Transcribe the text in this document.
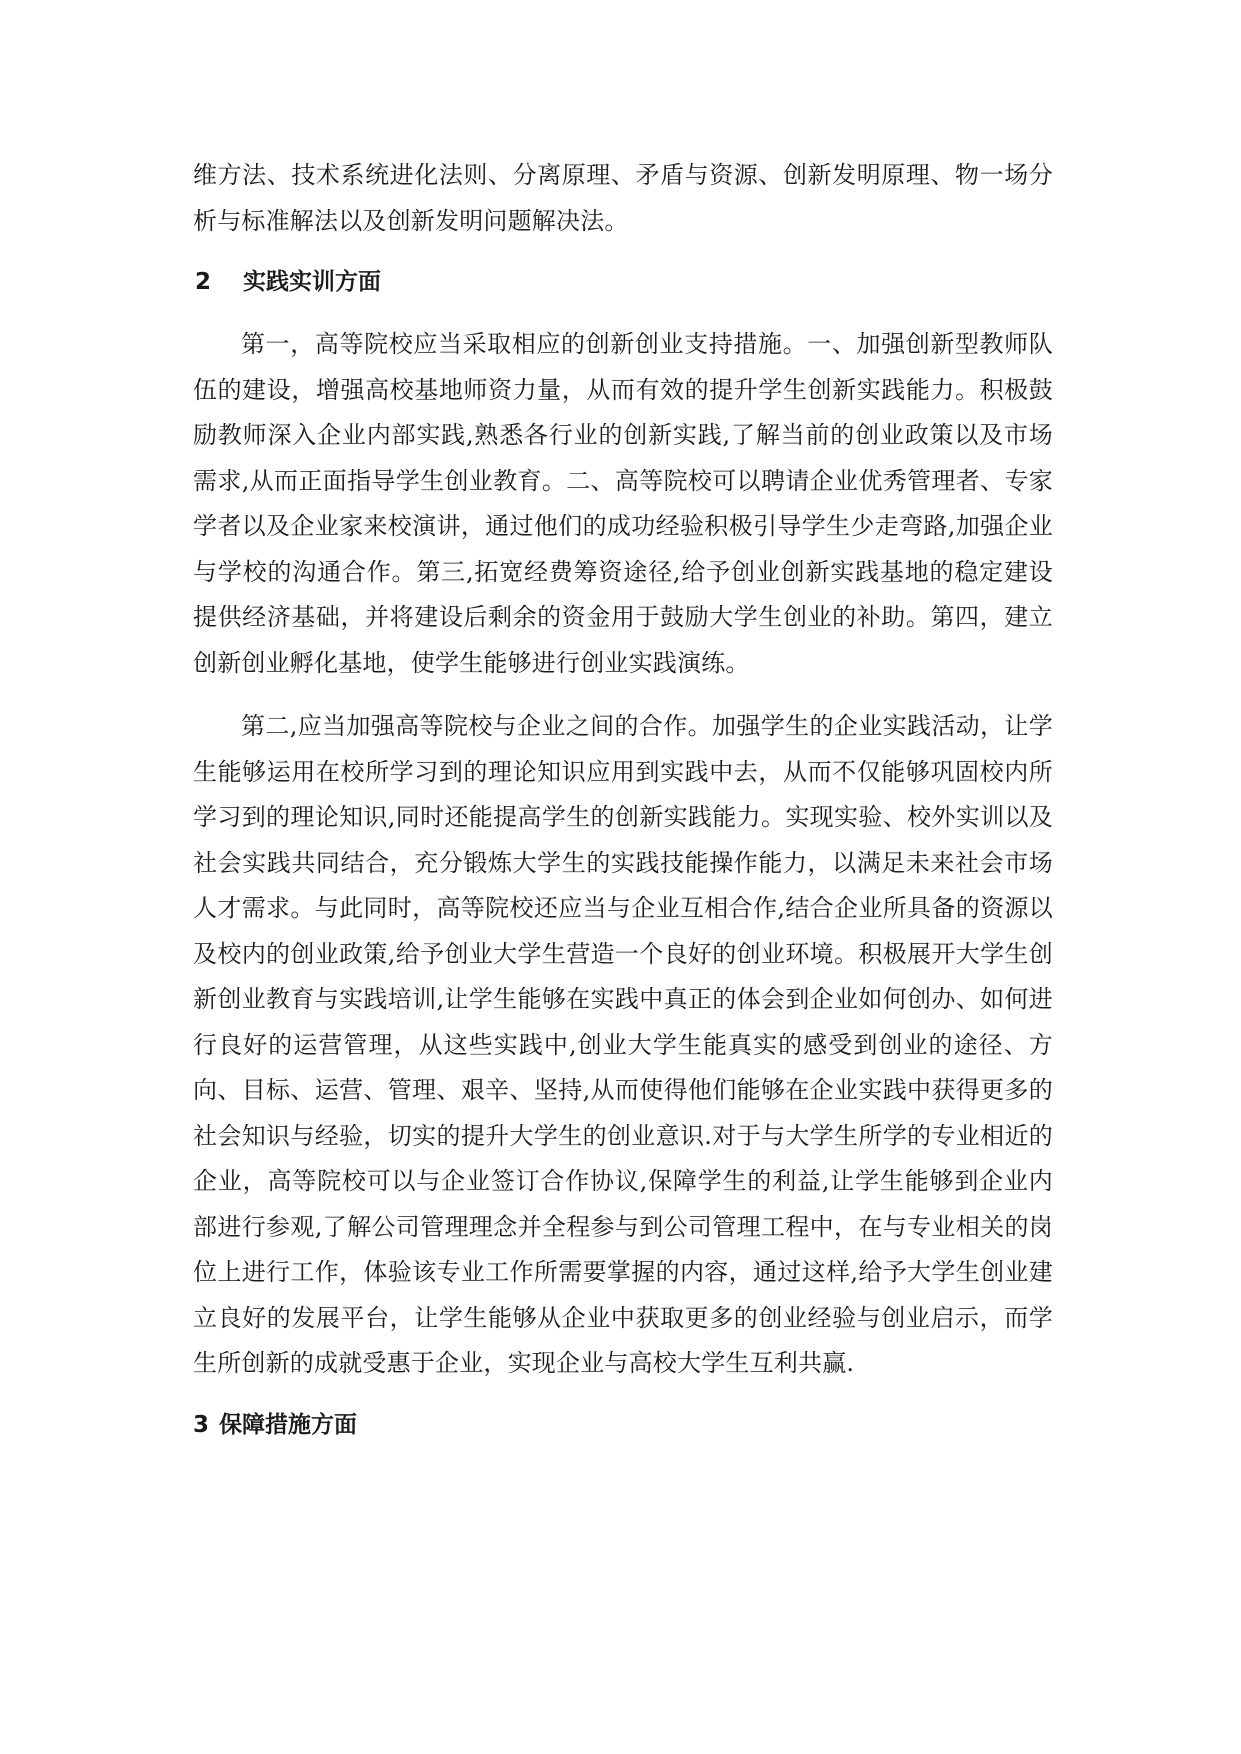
维方法、技术系统进化法则、分离原理、矛盾与资源、创新发明原理、物一场分析与标准解法以及创新发明问题解决法。

2 实践实训方面

第一，高等院校应当采取相应的创新创业支持措施。一、加强创新型教师队伍的建设，增强高校基地师资力量，从而有效的提升学生创新实践能力。积极鼓励教师深入企业内部实践,熟悉各行业的创新实践,了解当前的创业政策以及市场需求,从而正面指导学生创业教育。二、高等院校可以聘请企业优秀管理者、专家学者以及企业家来校演讲，通过他们的成功经验积极引导学生少走弯路,加强企业与学校的沟通合作。第三,拓宽经费筹资途径,给予创业创新实践基地的稳定建设提供经济基础，并将建设后剩余的资金用于鼓励大学生创业的补助。第四，建立创新创业孵化基地，使学生能够进行创业实践演练。

第二,应当加强高等院校与企业之间的合作。加强学生的企业实践活动，让学生能够运用在校所学习到的理论知识应用到实践中去，从而不仅能够巩固校内所学习到的理论知识,同时还能提高学生的创新实践能力。实现实验、校外实训以及社会实践共同结合，充分锻炼大学生的实践技能操作能力，以满足未来社会市场人才需求。与此同时，高等院校还应当与企业互相合作,结合企业所具备的资源以及校内的创业政策,给予创业大学生营造一个良好的创业环境。积极展开大学生创新创业教育与实践培训,让学生能够在实践中真正的体会到企业如何创办、如何进行良好的运营管理，从这些实践中,创业大学生能真实的感受到创业的途径、方向、目标、运营、管理、艰辛、坚持,从而使得他们能够在企业实践中获得更多的社会知识与经验，切实的提升大学生的创业意识.对于与大学生所学的专业相近的企业，高等院校可以与企业签订合作协议,保障学生的利益,让学生能够到企业内部进行参观,了解公司管理理念并全程参与到公司管理工程中，在与专业相关的岗位上进行工作，体验该专业工作所需要掌握的内容，通过这样,给予大学生创业建立良好的发展平台，让学生能够从企业中获取更多的创业经验与创业启示，而学生所创新的成就受惠于企业，实现企业与高校大学生互利共赢.

3 保障措施方面
